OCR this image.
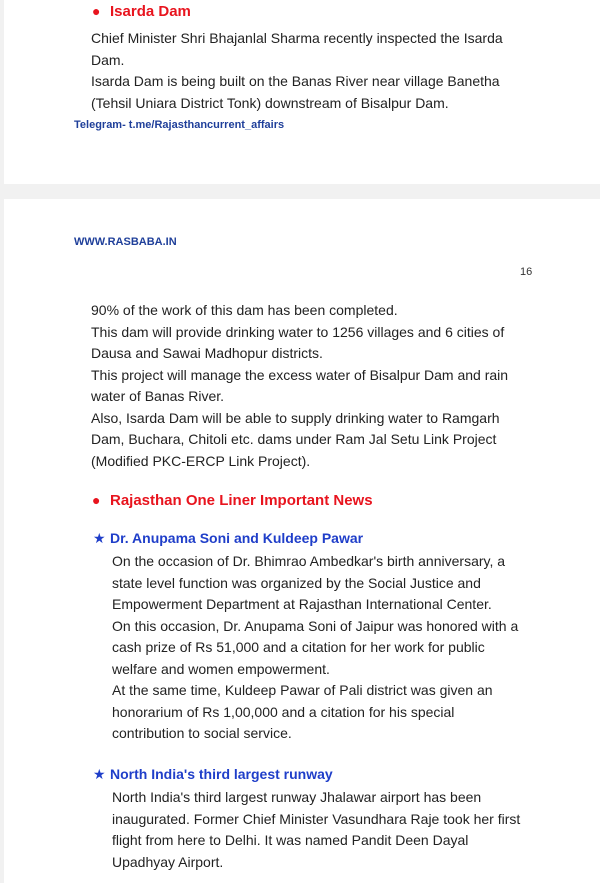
● Isarda Dam
Chief Minister Shri Bhajanlal Sharma recently inspected the Isarda
Dam.
Isarda Dam is being built on the Banas River near village Banetha
(Tehsil Uniara District Tonk) downstream of Bisalpur Dam.
Telegram- t.me/Rajasthancurrent_affairs
WWW.RASBABA.IN
16
90% of the work of this dam has been completed.
This dam will provide drinking water to 1256 villages and 6 cities of
Dausa and Sawai Madhopur districts.
This project will manage the excess water of Bisalpur Dam and rain
water of Banas River.
Also, Isarda Dam will be able to supply drinking water to Ramgarh
Dam, Buchara, Chitoli etc. dams under Ram Jal Setu Link Project
(Modified PKC-ERCP Link Project).
● Rajasthan One Liner Important News
★ Dr. Anupama Soni and Kuldeep Pawar
On the occasion of Dr. Bhimrao Ambedkar's birth anniversary, a
state level function was organized by the Social Justice and
Empowerment Department at Rajasthan International Center.
On this occasion, Dr. Anupama Soni of Jaipur was honored with a
cash prize of Rs 51,000 and a citation for her work for public
welfare and women empowerment.
At the same time, Kuldeep Pawar of Pali district was given an
honorarium of Rs 1,00,000 and a citation for his special
contribution to social service.
★ North India's third largest runway
North India's third largest runway Jhalawar airport has been
inaugurated. Former Chief Minister Vasundhara Raje took her first
flight from here to Delhi. It was named Pandit Deen Dayal
Upadhyay Airport.
